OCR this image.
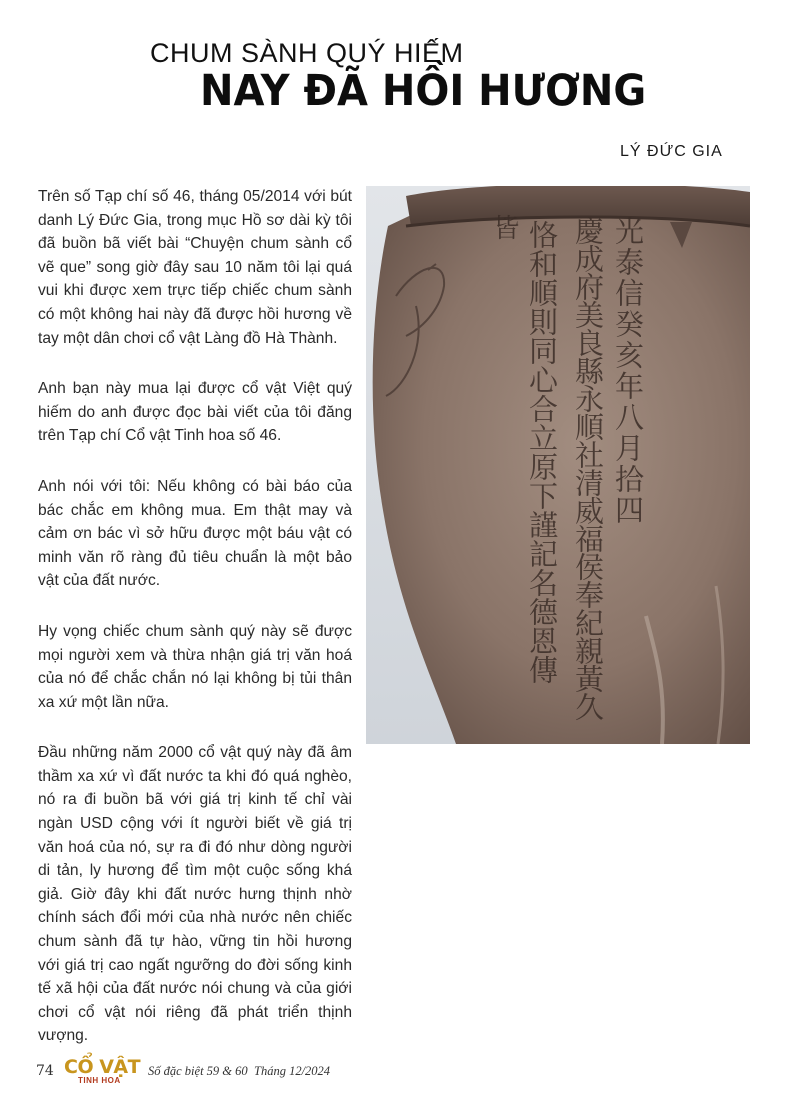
CHUM SÀNH QUÝ HIẾM
NAY ĐÃ HỒI HƯƠNG
LÝ ĐỨC GIA

Trên số Tạp chí số 46, tháng 05/2014 với bút danh Lý Đức Gia, trong mục Hồ sơ dài kỳ tôi đã buồn bã viết bài “Chuyện chum sành cổ vẽ que” song giờ đây sau 10 năm tôi lại quá vui khi được xem trực tiếp chiếc chum sành có một không hai này đã được hồi hương về tay một dân chơi cổ vật Làng đồ Hà Thành.

Anh bạn này mua lại được cổ vật Việt quý hiếm do anh được đọc bài viết của tôi đăng trên Tạp chí Cổ vật Tinh hoa số 46.

Anh nói với tôi: Nếu không có bài báo của bác chắc em không mua. Em thật may và cảm ơn bác vì sở hữu được một báu vật có minh văn rõ ràng đủ tiêu chuẩn là một bảo vật của đất nước.

Hy vọng chiếc chum sành quý này sẽ được mọi người xem và thừa nhận giá trị văn hoá của nó để chắc chắn nó lại không bị tủi thân xa xứ một lần nữa.

Đầu những năm 2000 cổ vật quý này đã âm thầm xa xứ vì đất nước ta khi đó quá nghèo, nó ra đi buồn bã với giá trị kinh tế chỉ vài ngàn USD cộng với ít người biết về giá trị văn hoá của nó, sự ra đi đó như dòng người di tản, ly hương để tìm một cuộc sống khá giả. Giờ đây khi đất nước hưng thịnh nhờ chính sách đổi mới của nhà nước nên chiếc chum sành đã tự hào, vững tin hồi hương với giá trị cao ngất ngưỡng do đời sống kinh tế xã hội của đất nước nói chung và của giới chơi cổ vật nói riêng đã phát triển thịnh vượng.

光泰信癸亥年八月拾四
慶成府美良縣永順社清威福侯奉紀親黃久
恪和順則同心合立原下謹記名德恩傳
皆
74 CỔ VẬT
TINH HOA
Số đặc biệt 59 & 60 Tháng 12/2024
